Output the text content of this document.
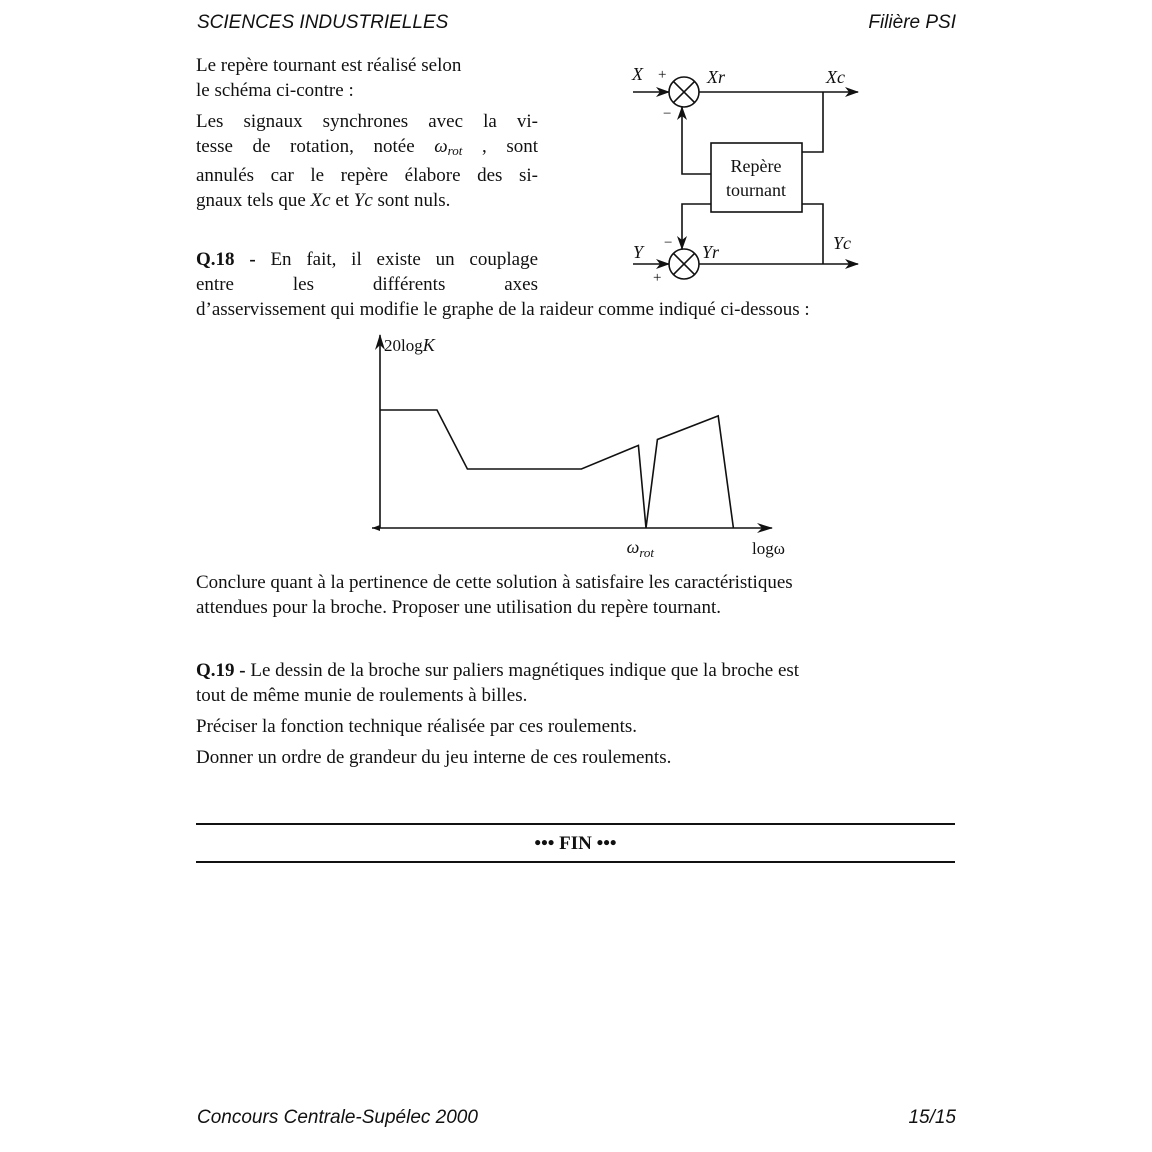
SCIENCES INDUSTRIELLES	Filière PSI
Le repère tournant est réalisé selon
le schéma ci-contre :
Les signaux synchrones avec la vi-
tesse de rotation, notée $\omega_{rot}$ , sont
annulés car le repère élabore des si-
gnaux tels que Xc et Yc sont nuls.
Q.18 - En fait, il existe un couplage
entre les différents axes
d’asservissement qui modifie le graphe de la raideur comme indiqué ci-dessous :
X +
−
Xr	Xc
Repère
tournant
Y −
+
Yr	Yc
20logK
$\omega_{rot}$	logω
Conclure quant à la pertinence de cette solution à satisfaire les caractéristiques
attendues pour la broche. Proposer une utilisation du repère tournant.
Q.19 - Le dessin de la broche sur paliers magnétiques indique que la broche est
tout de même munie de roulements à billes.
Préciser la fonction technique réalisée par ces roulements.
Donner un ordre de grandeur du jeu interne de ces roulements.
••• FIN •••
Concours Centrale-Supélec 2000	15/15
